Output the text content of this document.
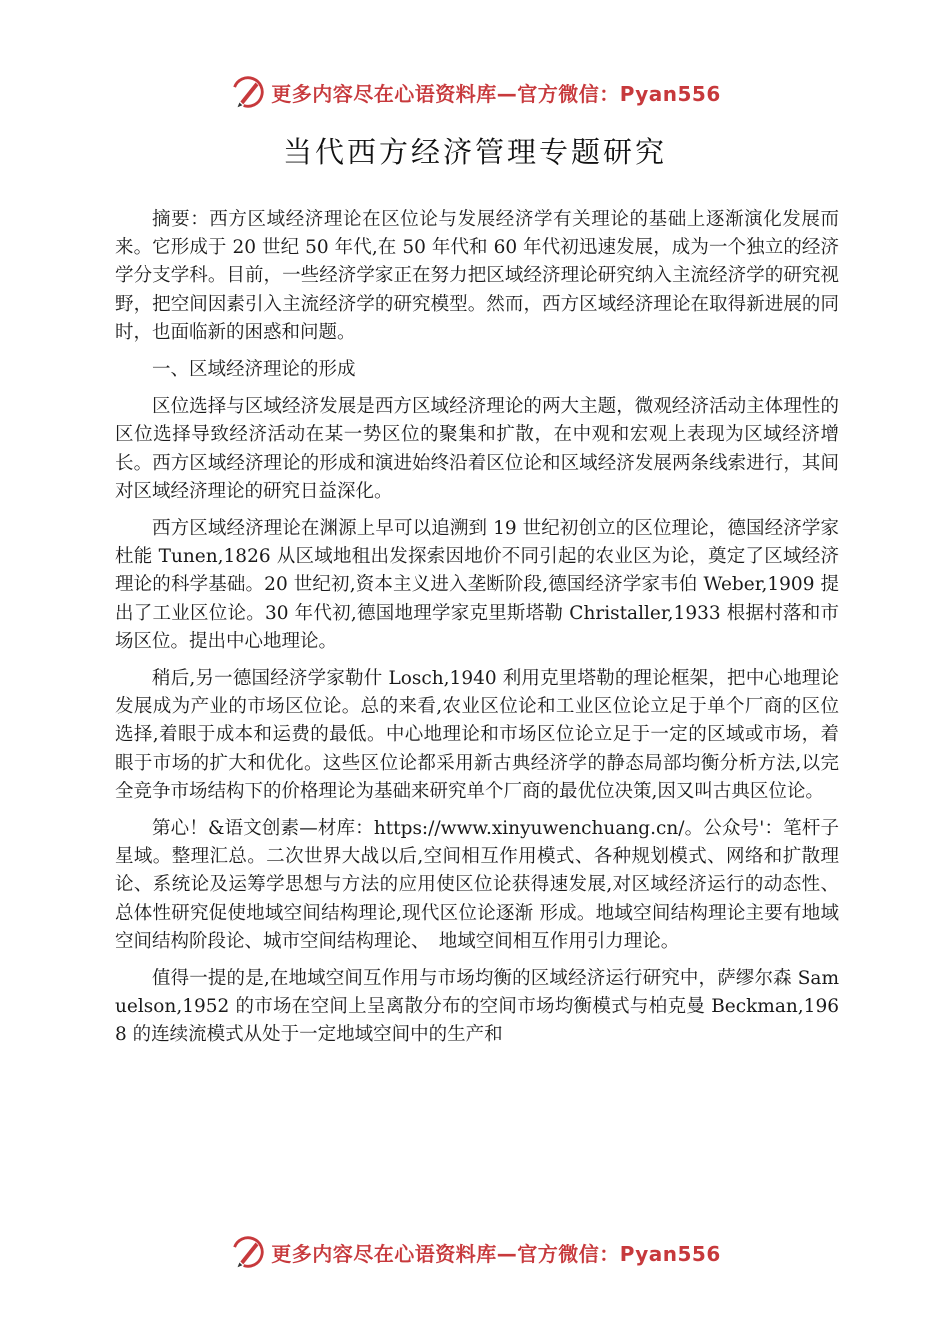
更多内容尽在心语资料库—官方微信：Pyan556
当代西方经济管理专题研究

摘要：西方区域经济理论在区位论与发展经济学有关理论的基础上逐渐演化发展而来。它形成于 20 世纪 50 年代,在 50 年代和 60 年代初迅速发展，成为一个独立的经济学分支学科。目前，一些经济学家正在努力把区域经济理论研究纳入主流经济学的研究视野，把空间因素引入主流经济学的研究模型。然而，西方区域经济理论在取得新进展的同时，也面临新的困惑和问题。

一、区域经济理论的形成

区位选择与区域经济发展是西方区域经济理论的两大主题，微观经济活动主体理性的区位选择导致经济活动在某一势区位的聚集和扩散，在中观和宏观上表现为区域经济增长。西方区域经济理论的形成和演进始终沿着区位论和区域经济发展两条线索进行，其间对区域经济理论的研究日益深化。

西方区域经济理论在渊源上早可以追溯到 19 世纪初创立的区位理论，德国经济学家杜能 Tunen,1826 从区域地租出发探索因地价不同引起的农业区为论，奠定了区域经济理论的科学基础。20 世纪初,资本主义进入垄断阶段,德国经济学家韦伯 Weber,1909 提出了工业区位论。30 年代初,德国地理学家克里斯塔勒 Christaller,1933 根据村落和市场区位。提出中心地理论。

稍后,另一德国经济学家勒什 Losch,1940 利用克里塔勒的理论框架，把中心地理论发展成为产业的市场区位论。总的来看,农业区位论和工业区位论立足于单个厂商的区位选择,着眼于成本和运费的最低。中心地理论和市场区位论立足于一定的区域或市场，着眼于市场的扩大和优化。这些区位论都采用新古典经济学的静态局部均衡分析方法,以完全竞争市场结构下的价格理论为基础来研究单个厂商的最优位决策,因又叫古典区位论。

第心！&语文创素—材库：https://www.xinyuwenchuang.cn/。公众号'：笔杆子星域。整理汇总。二次世界大战以后,空间相互作用模式、各种规划模式、网络和扩散理论、系统论及运筹学思想与方法的应用使区位论获得速发展,对区域经济运行的动态性、总体性研究促使地域空间结构理论,现代区位论逐渐 形成。地域空间结构理论主要有地域空间结构阶段论、城市空间结构理论、　地域空间相互作用引力理论。

值得一提的是,在地域空间互作用与市场均衡的区域经济运行研究中，萨缪尔森 Samuelson,1952 的市场在空间上呈离散分布的空间市场均衡模式与柏克曼 Beckman,1968 的连续流模式从处于一定地域空间中的生产和

更多内容尽在心语资料库—官方微信：Pyan556
